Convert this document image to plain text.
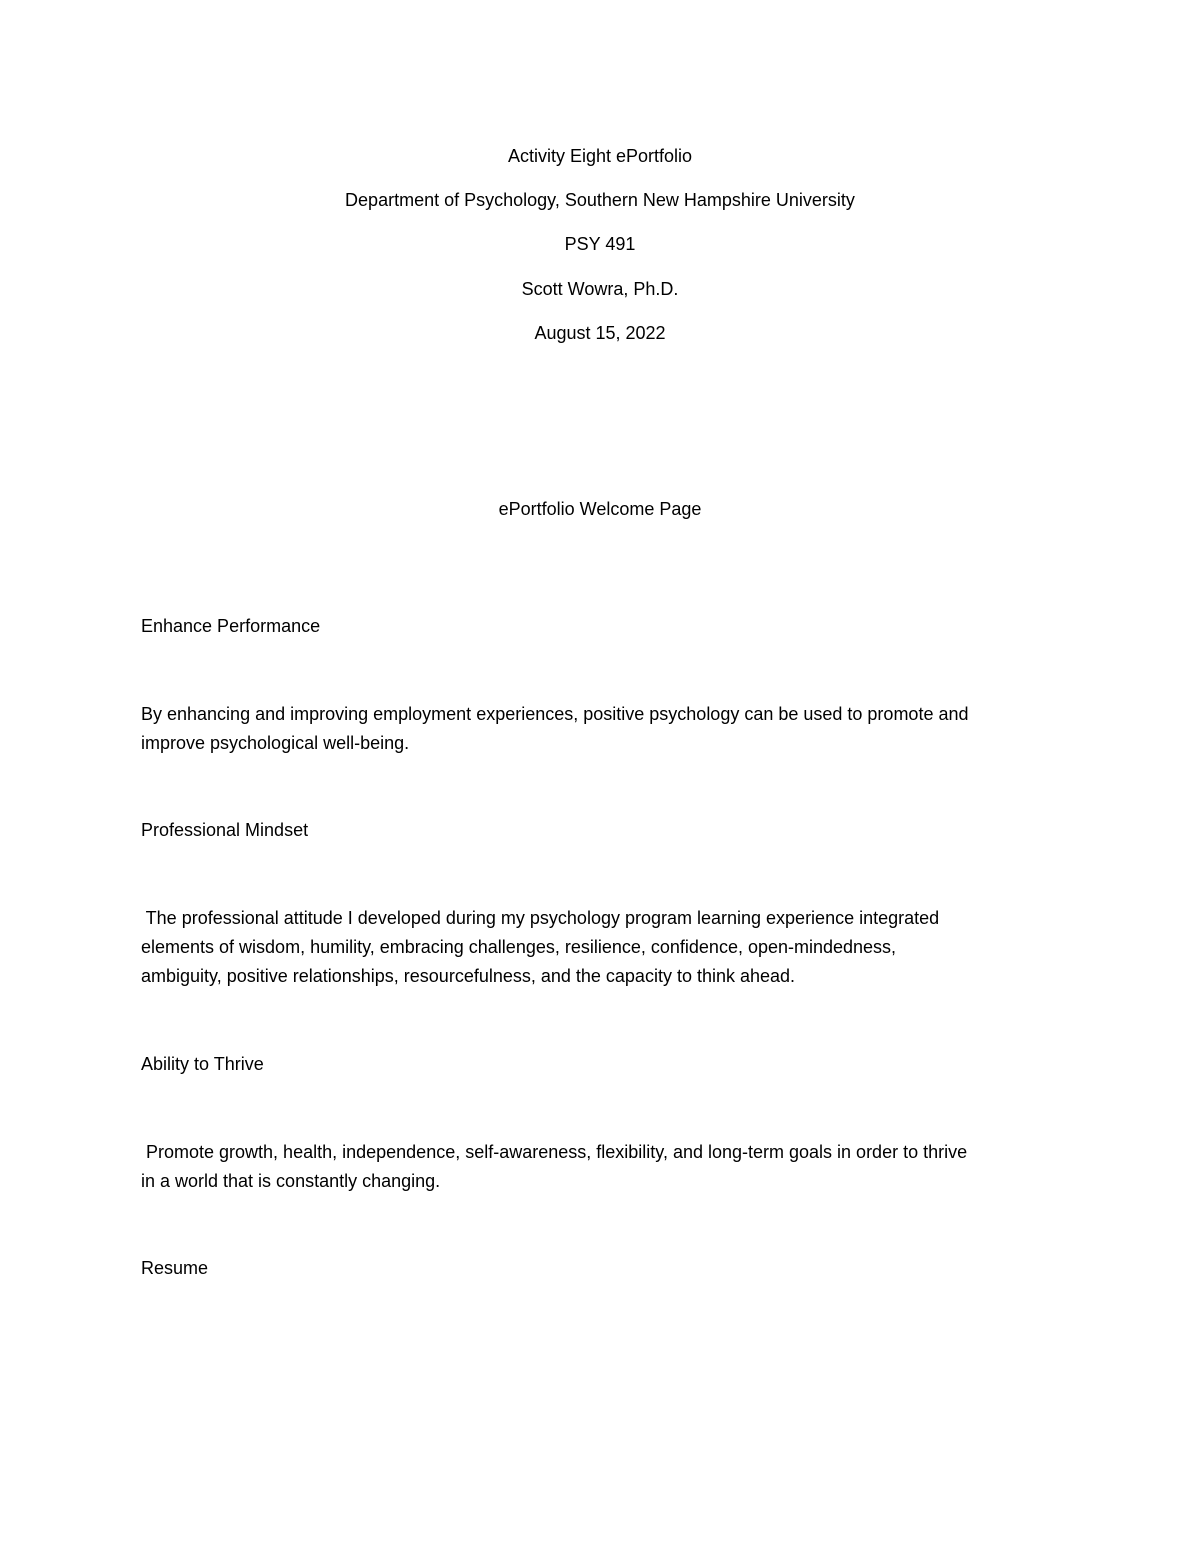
Activity Eight ePortfolio
Department of Psychology, Southern New Hampshire University
PSY 491
Scott Wowra, Ph.D.
August 15, 2022
ePortfolio Welcome Page
Enhance Performance
By enhancing and improving employment experiences, positive psychology can be used to promote and
improve psychological well-being.
Professional Mindset
The professional attitude I developed during my psychology program learning experience integrated
elements of wisdom, humility, embracing challenges, resilience, confidence, open-mindedness,
ambiguity, positive relationships, resourcefulness, and the capacity to think ahead.
Ability to Thrive
Promote growth, health, independence, self-awareness, flexibility, and long-term goals in order to thrive
in a world that is constantly changing.
Resume
